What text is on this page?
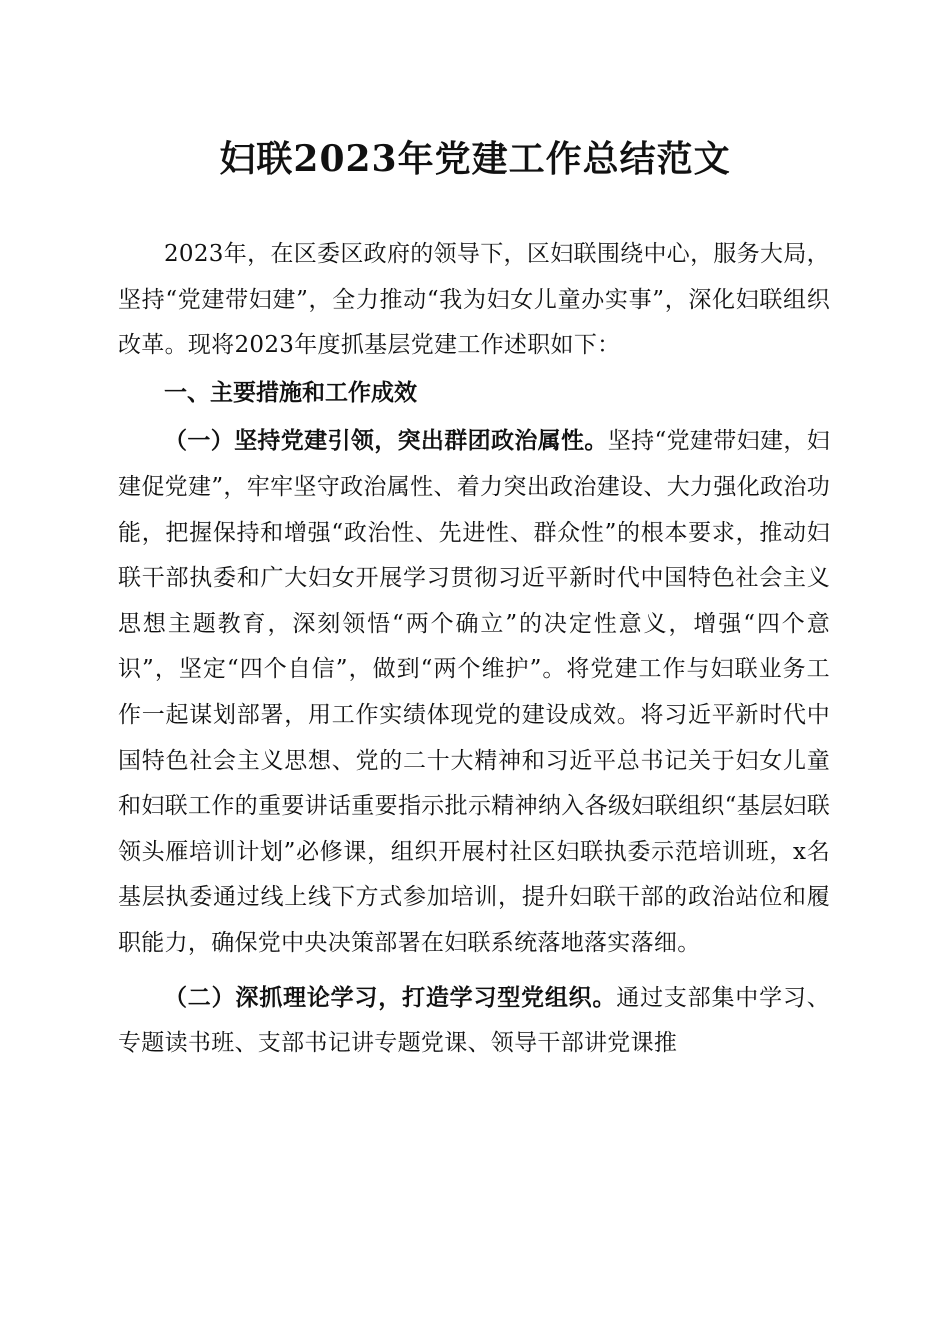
妇联2023年党建工作总结范文

2023年，在区委区政府的领导下，区妇联围绕中心，服务大局，坚持“党建带妇建”，全力推动“我为妇女儿童办实事”，深化妇联组织改革。现将2023年度抓基层党建工作述职如下：

一、主要措施和工作成效

（一）坚持党建引领，突出群团政治属性。坚持“党建带妇建，妇建促党建”，牢牢坚守政治属性、着力突出政治建设、大力强化政治功能，把握保持和增强“政治性、先进性、群众性”的根本要求，推动妇联干部执委和广大妇女开展学习贯彻习近平新时代中国特色社会主义思想主题教育，深刻领悟“两个确立”的决定性意义，增强“四个意识”，坚定“四个自信”，做到“两个维护”。将党建工作与妇联业务工作一起谋划部署，用工作实绩体现党的建设成效。将习近平新时代中国特色社会主义思想、党的二十大精神和习近平总书记关于妇女儿童和妇联工作的重要讲话重要指示批示精神纳入各级妇联组织“基层妇联领头雁培训计划”必修课，组织开展村社区妇联执委示范培训班，x名基层执委通过线上线下方式参加培训，提升妇联干部的政治站位和履职能力，确保党中央决策部署在妇联系统落地落实落细。

（二）深抓理论学习，打造学习型党组织。通过支部集中学习、专题读书班、支部书记讲专题党课、领导干部讲党课推
